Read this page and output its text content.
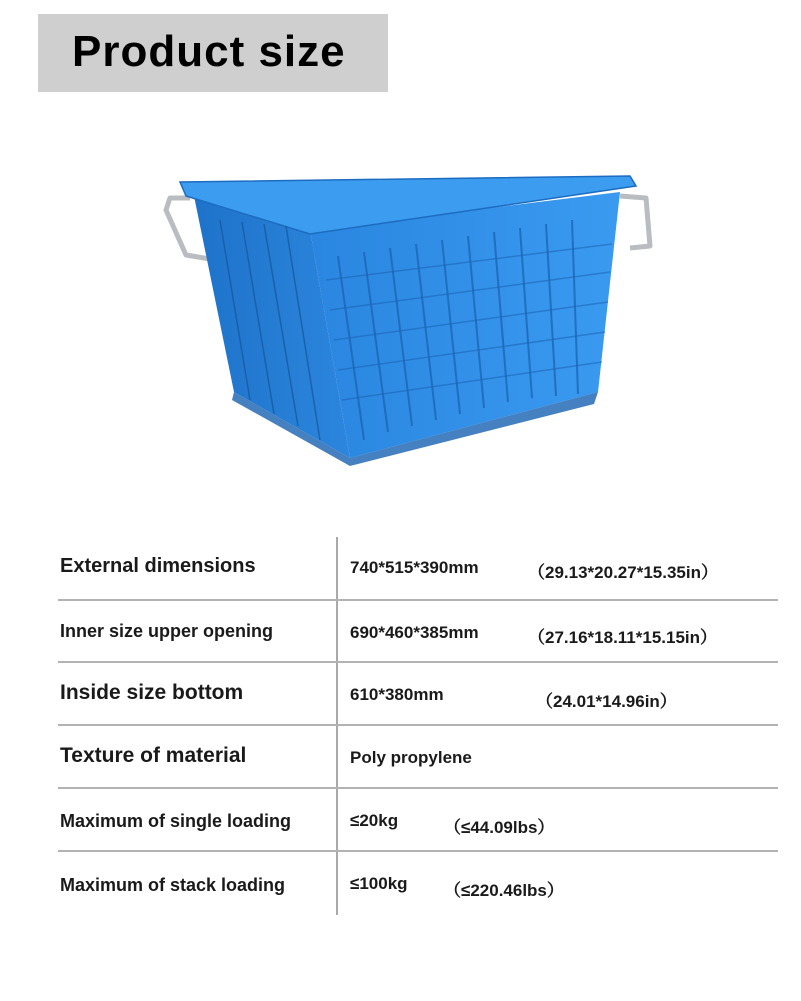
Product size
External dimensions	740*515*390mm	（29.13*20.27*15.35in）
Inner size upper opening	690*460*385mm	（27.16*18.11*15.15in）
Inside size bottom	610*380mm	（24.01*14.96in）
Texture of material	Poly propylene
Maximum of single loading	≤20kg	（≤44.09lbs）
Maximum of stack loading	≤100kg （≤220.46lbs）
